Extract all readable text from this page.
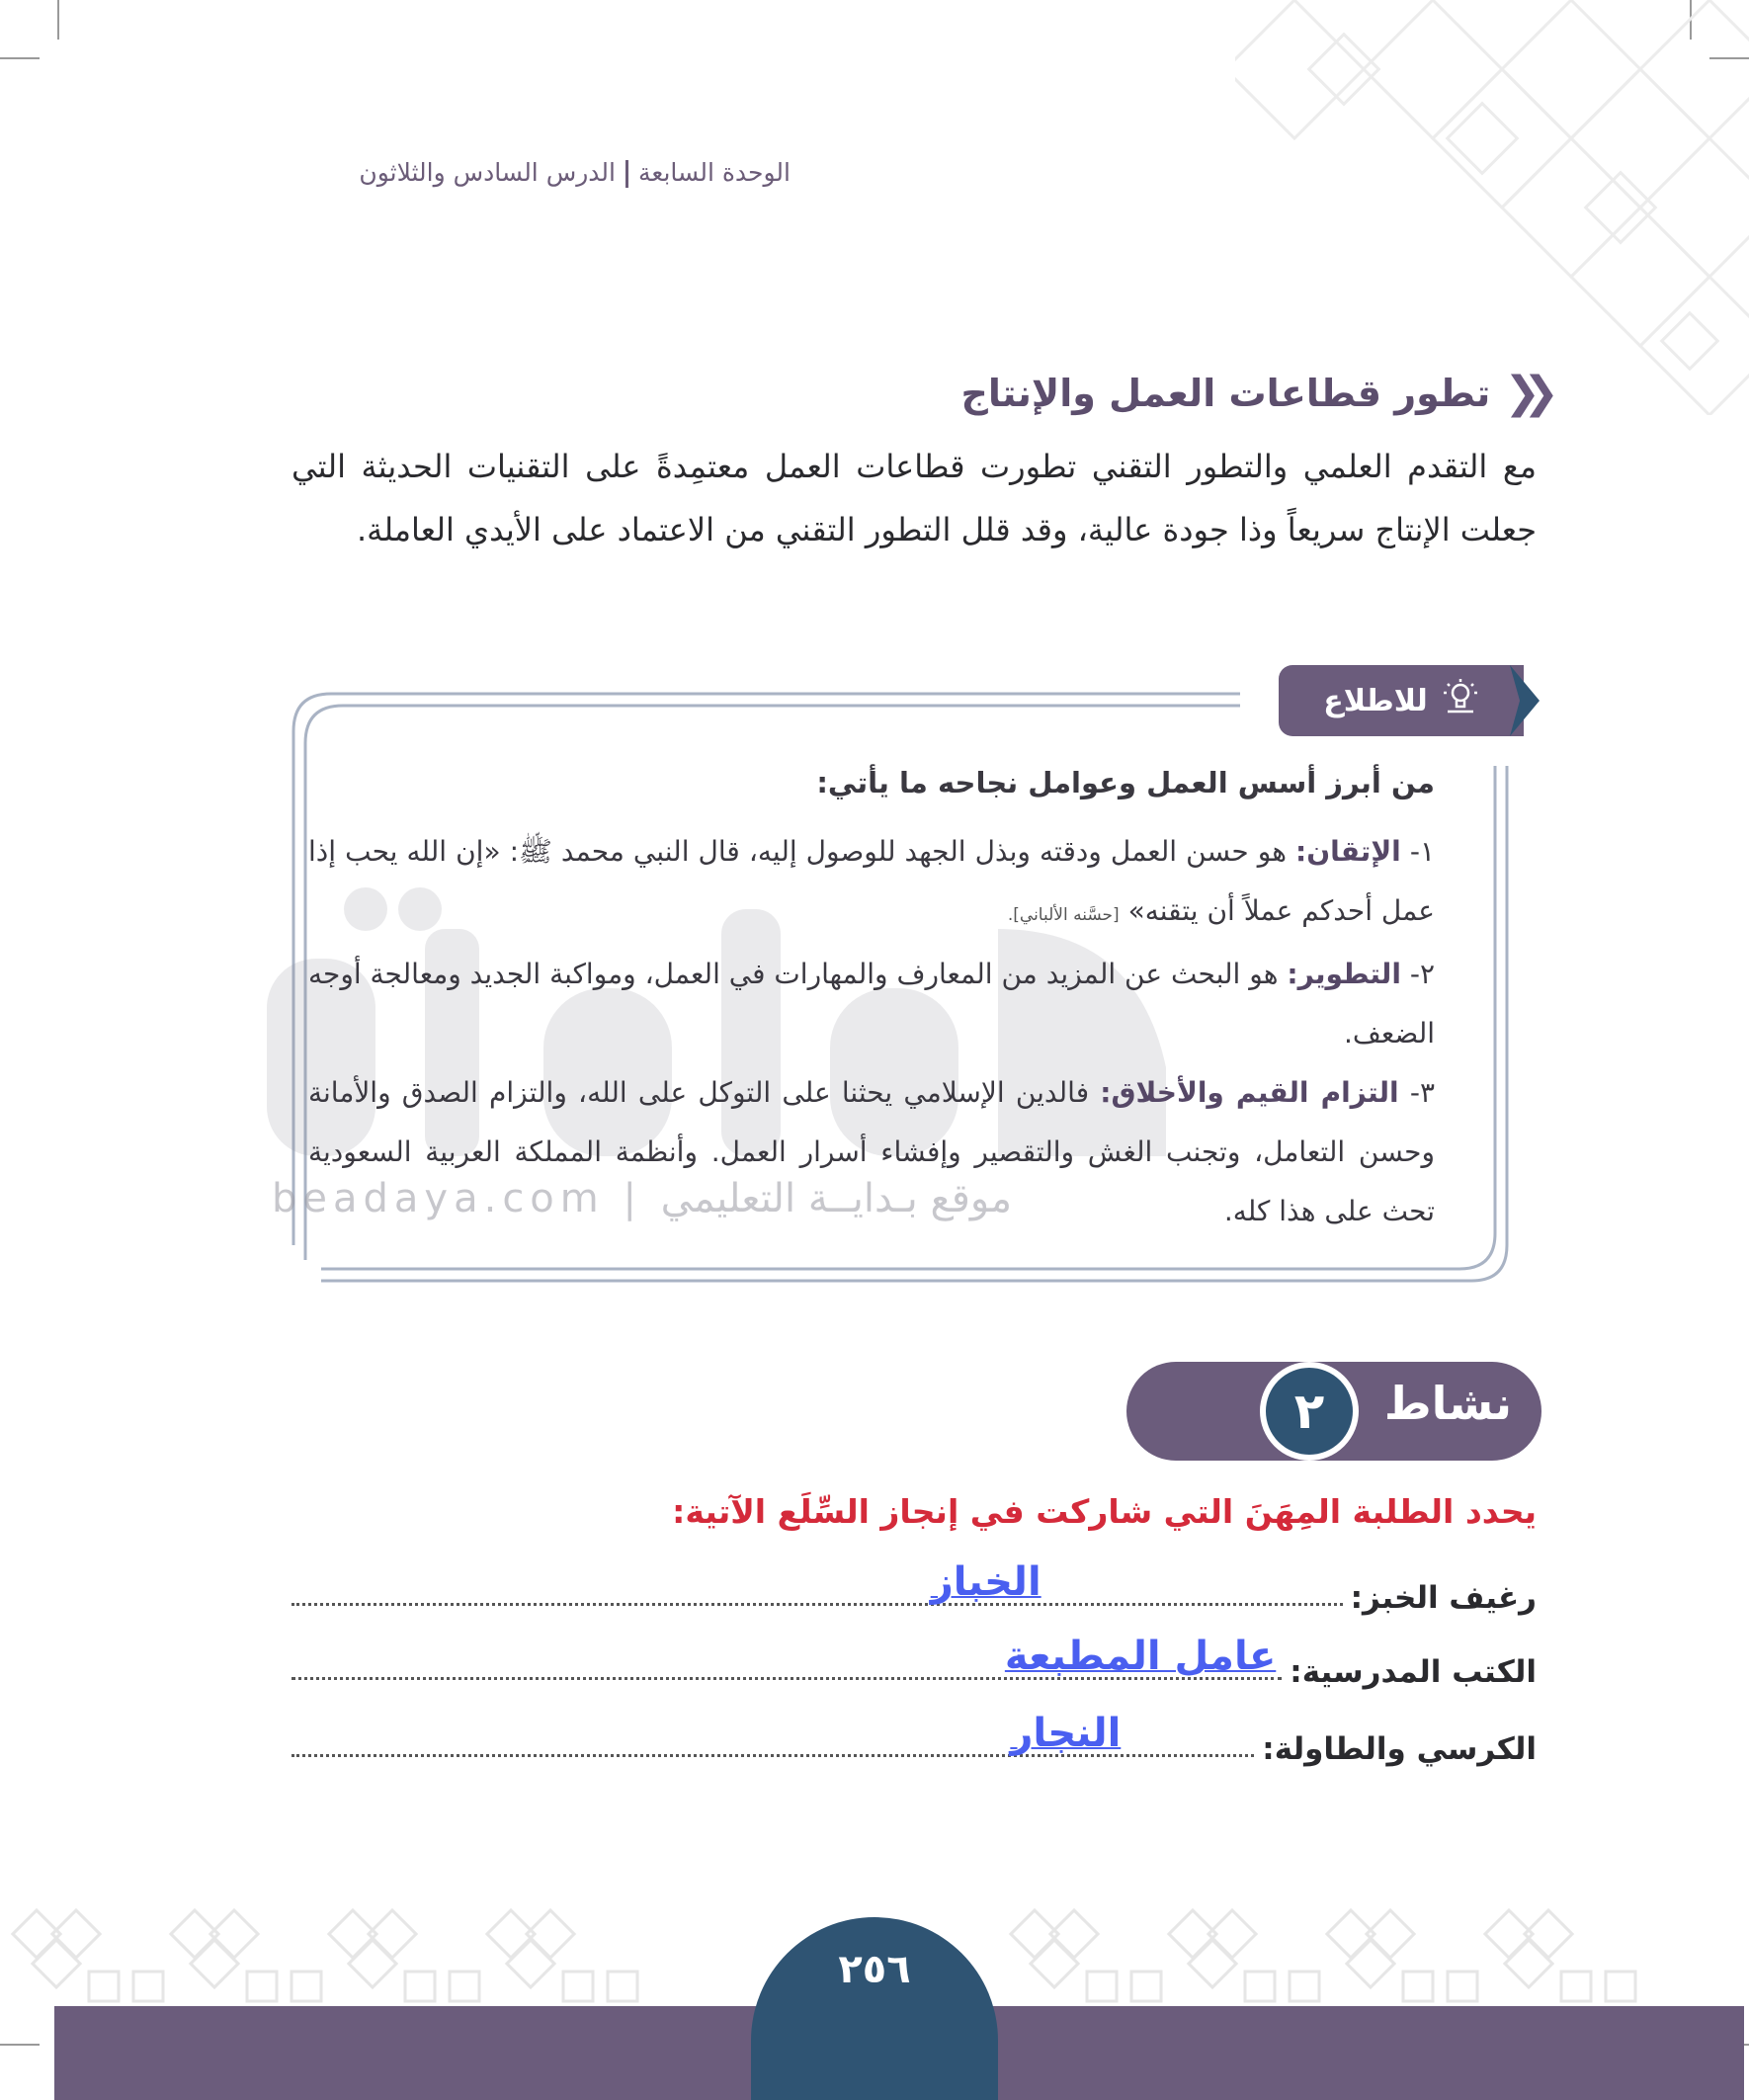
الوحدة السابعةالدرس السادس والثلاثون
❮❮
تطور قطاعات العمل والإنتاج
مع التقدم العلمي والتطور التقني تطورت قطاعات العمل معتمِدةً على التقنيات الحديثة التي جعلت الإنتاج سريعاً وذا جودة عالية، وقد قلل التطور التقني من الاعتماد على الأيدي العاملة.
beadaya.com | موقع بـدايــة التعليمي
للاطلاع
من أبرز أسس العمل وعوامل نجاحه ما يأتي:

١- الإتقان: هو حسن العمل ودقته وبذل الجهد للوصول إليه، قال النبي محمد ﷺ: «إن الله يحب إذا عمل أحدكم عملاً أن يتقنه» [حسَّنه الألباني].

٢- التطوير: هو البحث عن المزيد من المعارف والمهارات في العمل، ومواكبة الجديد ومعالجة أوجه الضعف.

٣- التزام القيم والأخلاق: فالدين الإسلامي يحثنا على التوكل على الله، والتزام الصدق والأمانة وحسن التعامل، وتجنب الغش والتقصير وإفشاء أسرار العمل. وأنظمة المملكة العربية السعودية تحث على هذا كله.

نشاط
٢
يحدد الطلبة المِهَنَ التي شاركت في إنجاز السِّلَع الآتية:
رغيف الخبز:
الخباز
الكتب المدرسية:
عامل المطبعة
الكرسي والطاولة:
النجار
٢٥٦
